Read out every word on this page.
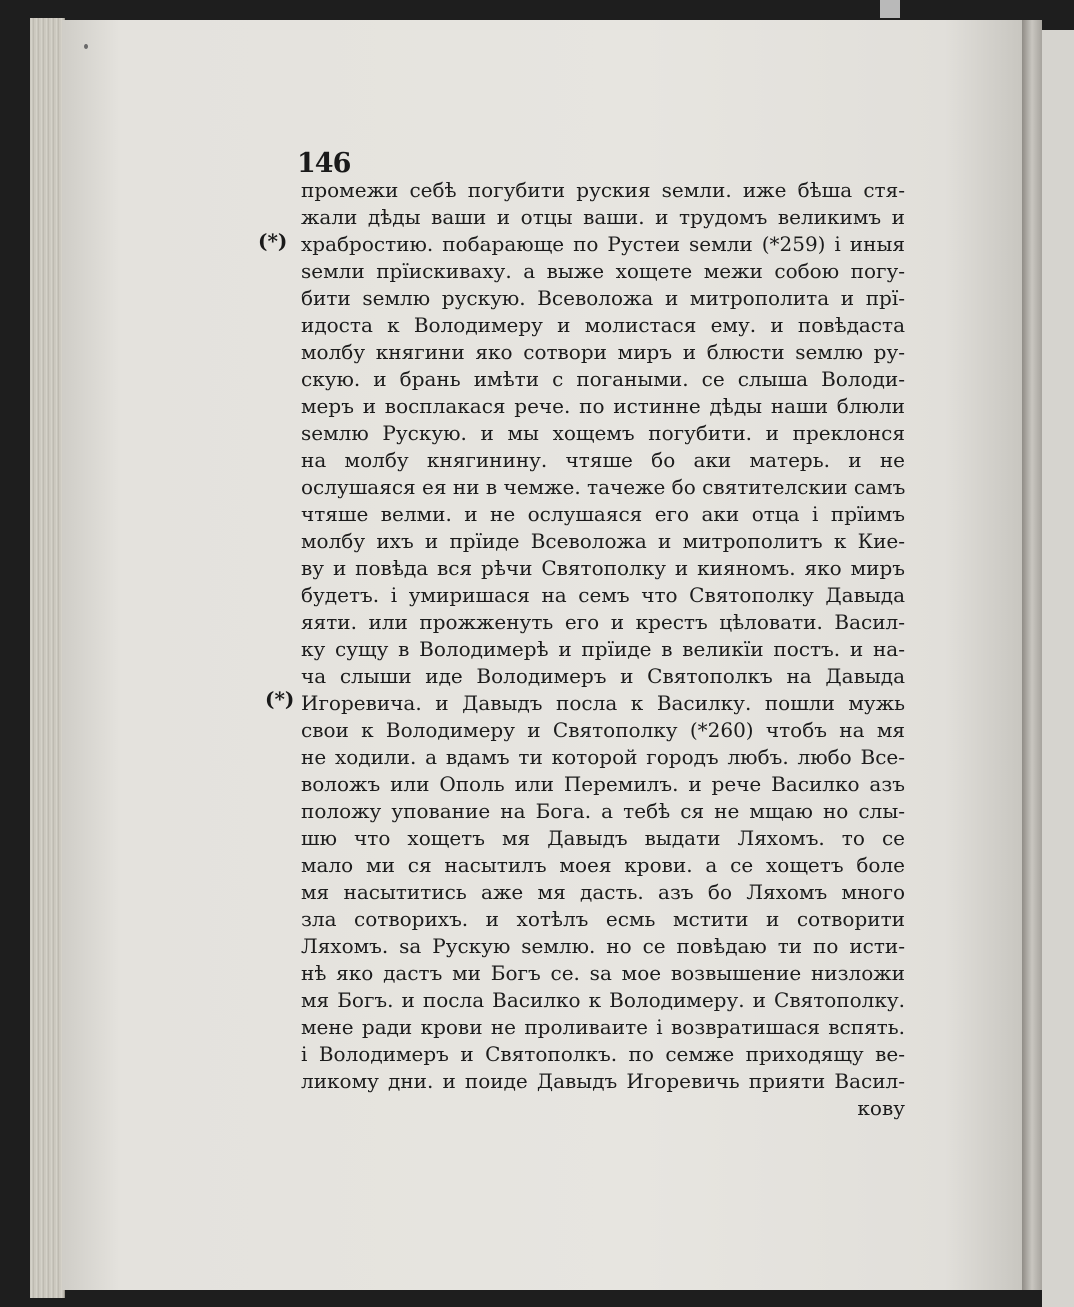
146
(*)
(*)
промежи себѣ погубити руския ѕемли. иже бѣша стя-
жали дѣды ваши и отцы ваши. и трудомъ великимъ и
храбростию. побарающе по Рустеи ѕемли (*259) і иныя
ѕемли прїискиваху. а выже хощете межи собою погу-
бити ѕемлю рускую. Всеволожа и митрополита и прї-
идоста к Володимеру и молистася ему. и повѣдаста
молбу княгини яко сотвори миръ и блюсти ѕемлю ру-
скую. и брань имѣти с погаными. се слыша Володи-
меръ и восплакася рече. по истинне дѣды наши блюли
ѕемлю Рускую. и мы хощемъ погубити. и преклонся
на молбу княгинину. чтяше бо аки матерь. и не
ослушаяся ея ни в чемже. тачеже бо святителскии самъ
чтяше велми. и не ослушаяся его аки отца і прїимъ
молбу ихъ и прїиде Всеволожа и митрополитъ к Кие-
ву и повѣда вся рѣчи Святополку и кияномъ. яко миръ
будетъ. і умиришася на семъ что Святополку Давыда
яяти. или прожженуть его и крестъ цѣловати. Васил-
ку сущу в Володимерѣ и прїиде в великїи постъ. и на-
ча слыши иде Володимеръ и Святополкъ на Давыда
Игоревича. и Давыдъ посла к Василку. пошли мужь
свои к Володимеру и Святополку (*260) чтобъ на мя
не ходили. а вдамъ ти которой городъ любъ. любо Все-
воложъ или Ополь или Перемилъ. и рече Василко азъ
положу упование на Бога. а тебѣ ся не мщаю но слы-
шю что хощетъ мя Давыдъ выдати Ляхомъ. то се
мало ми ся насытилъ моея крови. а се хощетъ боле
мя насытитись аже мя дасть. азъ бо Ляхомъ много
зла сотворихъ. и хотѣлъ есмь мстити и сотворити
Ляхомъ. ѕа Рускую ѕемлю. но се повѣдаю ти по исти-
нѣ яко дастъ ми Богъ се. ѕа мое возвышение низложи
мя Богъ. и посла Василко к Володимеру. и Святополку.
мене ради крови не проливаите і возвратишася вспять.
і Володимеръ и Святополкъ. по семже приходящу ве-
ликому дни. и поиде Давыдъ Игоревичь прияти Васил-
кову
